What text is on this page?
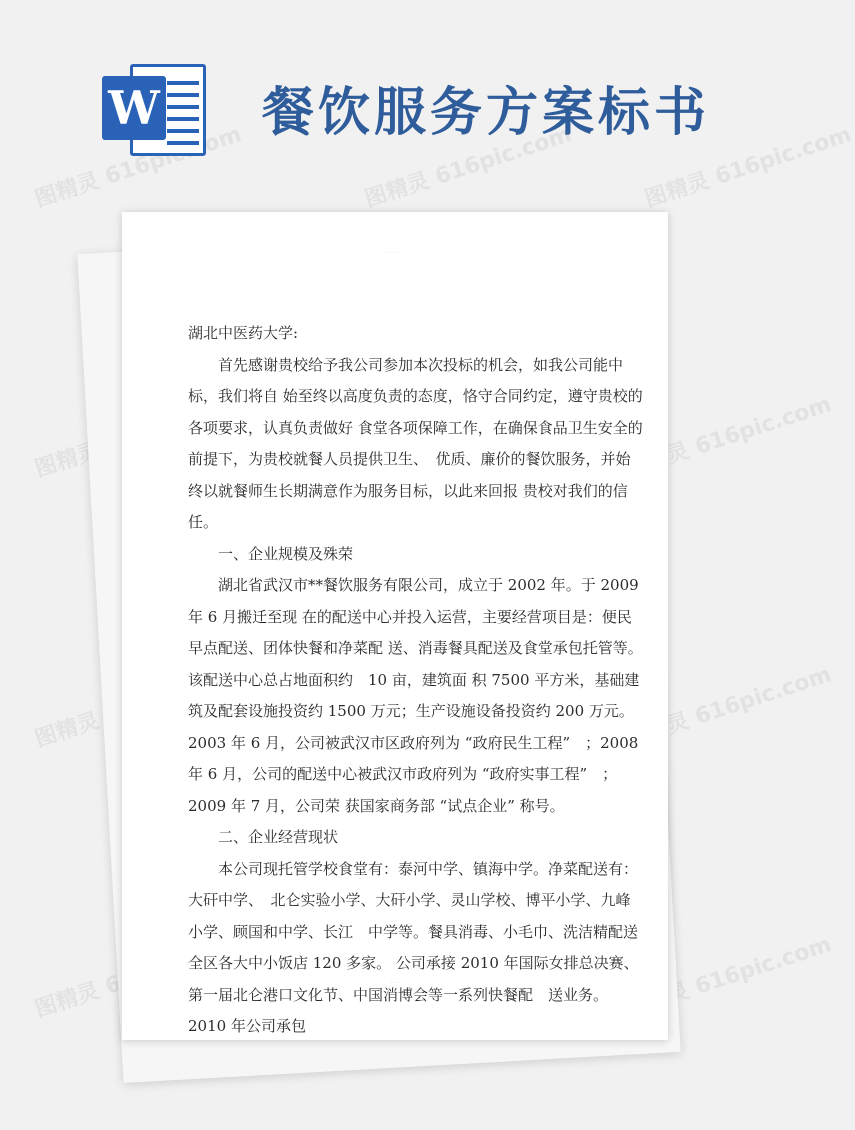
图精灵 616pic.com	图精灵 616pic.com	图精灵 616pic.com
图精灵	图精灵 616pic.com
图精灵	图精灵 616pic.com
图精灵	图精灵 616pic.com
W 餐饮服务方案标书
· · · · ·

湖北中医药大学:

首先感谢贵校给予我公司参加本次投标的机会，如我公司能中标，我们将自 始至终以高度负责的态度，恪守合同约定，遵守贵校的各项要求，认真负责做好 食堂各项保障工作，在确保食品卫生安全的前提下，为贵校就餐人员提供卫生、　优质、廉价的餐饮服务，并始终以就餐师生长期满意作为服务目标，以此来回报 贵校对我们的信任。

一、企业规模及殊荣

湖北省武汉市**餐饮服务有限公司，成立于 2002 年。于 2009 年 6 月搬迁至现 在的配送中心并投入运营，主要经营项目是：便民早点配送、团体快餐和净菜配 送、消毒餐具配送及食堂承包托管等。该配送中心总占地面积约　10 亩，建筑面 积 7500 平方米，基础建筑及配套设施投资约 1500 万元；生产设施设备投资约 200 万元。 2003 年 6 月，公司被武汉市区政府列为 “政府民生工程”　；2008 年 6 月，公司的配送中心被武汉市政府列为 “政府实事工程”　；2009 年 7 月，公司荣 获国家商务部 “试点企业” 称号。

二、企业经营现状

本公司现托管学校食堂有：泰河中学、镇海中学。净菜配送有：大矸中学、　北仑实验小学、大矸小学、灵山学校、博平小学、九峰小学、顾国和中学、长江　中学等。餐具消毒、小毛巾、洗洁精配送全区各大中小饭店 120 多家。 公司承接 2010 年国际女排总决赛、 第一届北仑港口文化节、中国消博会等一系列快餐配　送业务。 2010 年公司承包

· · ·
